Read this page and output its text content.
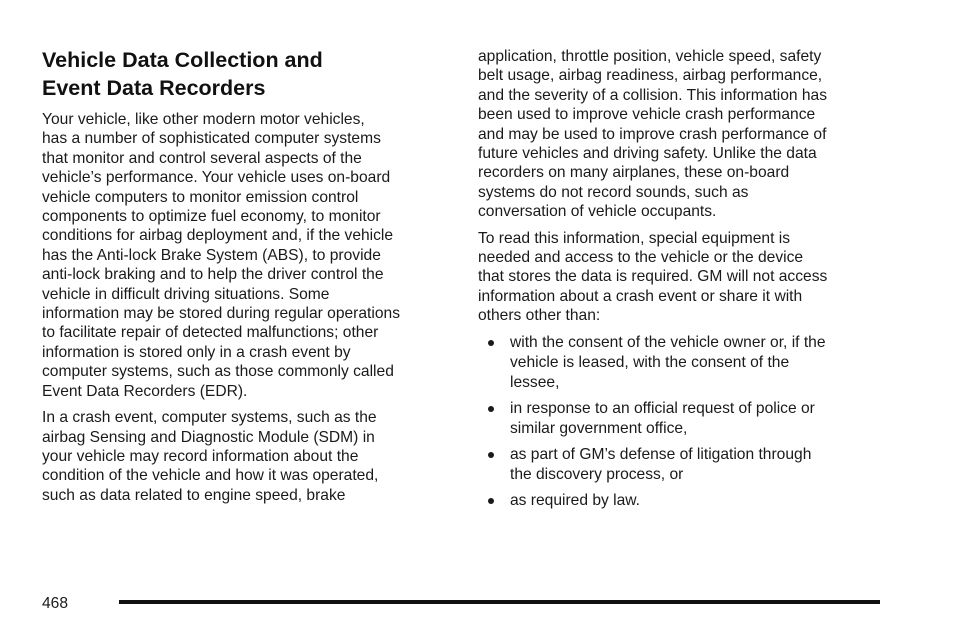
Vehicle Data Collection and
Event Data Recorders

Your vehicle, like other modern motor vehicles,
has a number of sophisticated computer systems
that monitor and control several aspects of the
vehicle’s performance. Your vehicle uses on-board
vehicle computers to monitor emission control
components to optimize fuel economy, to monitor
conditions for airbag deployment and, if the vehicle
has the Anti-lock Brake System (ABS), to provide
anti-lock braking and to help the driver control the
vehicle in difficult driving situations. Some
information may be stored during regular operations
to facilitate repair of detected malfunctions; other
information is stored only in a crash event by
computer systems, such as those commonly called
Event Data Recorders (EDR).

In a crash event, computer systems, such as the
airbag Sensing and Diagnostic Module (SDM) in
your vehicle may record information about the
condition of the vehicle and how it was operated,
such as data related to engine speed, brake

application, throttle position, vehicle speed, safety
belt usage, airbag readiness, airbag performance,
and the severity of a collision. This information has
been used to improve vehicle crash performance
and may be used to improve crash performance of
future vehicles and driving safety. Unlike the data
recorders on many airplanes, these on-board
systems do not record sounds, such as
conversation of vehicle occupants.

To read this information, special equipment is
needed and access to the vehicle or the device
that stores the data is required. GM will not access
information about a crash event or share it with
others other than:

with the consent of the vehicle owner or, if the
vehicle is leased, with the consent of the
lessee,
in response to an official request of police or
similar government office,
as part of GM’s defense of litigation through
the discovery process, or
as required by law.
468
